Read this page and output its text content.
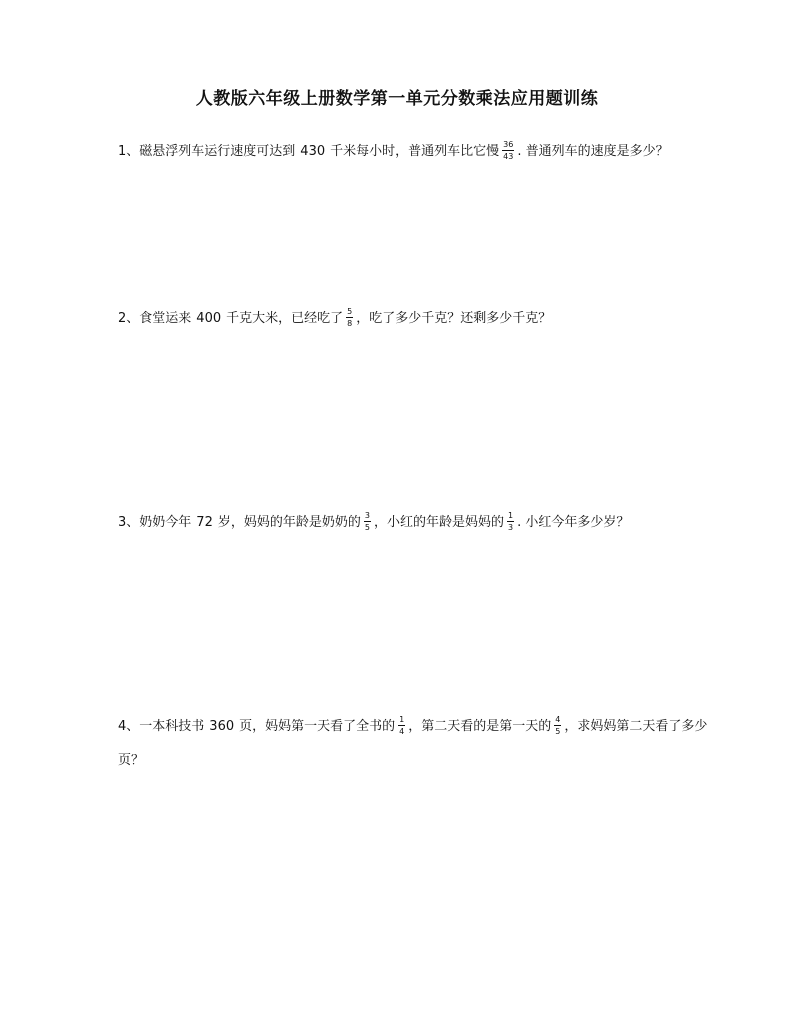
人教版六年级上册数学第一单元分数乘法应用题训练
1、磁悬浮列车运行速度可达到 430 千米每小时，普通列车比它慢 $\frac{36}{43}$ . 普通列车的速度是多少？
2、食堂运来 400 千克大米，已经吃了 $\frac{5}{8}$ ，吃了多少千克？还剩多少千克？
3、奶奶今年 72 岁，妈妈的年龄是奶奶的 $\frac{3}{5}$ ，小红的年龄是妈妈的 $\frac{1}{3}$ . 小红今年多少岁？
4、一本科技书 360 页，妈妈第一天看了全书的 $\frac{1}{4}$ ，第二天看的是第一天的 $\frac{4}{5}$ ，求妈妈第二天看了多少页？
